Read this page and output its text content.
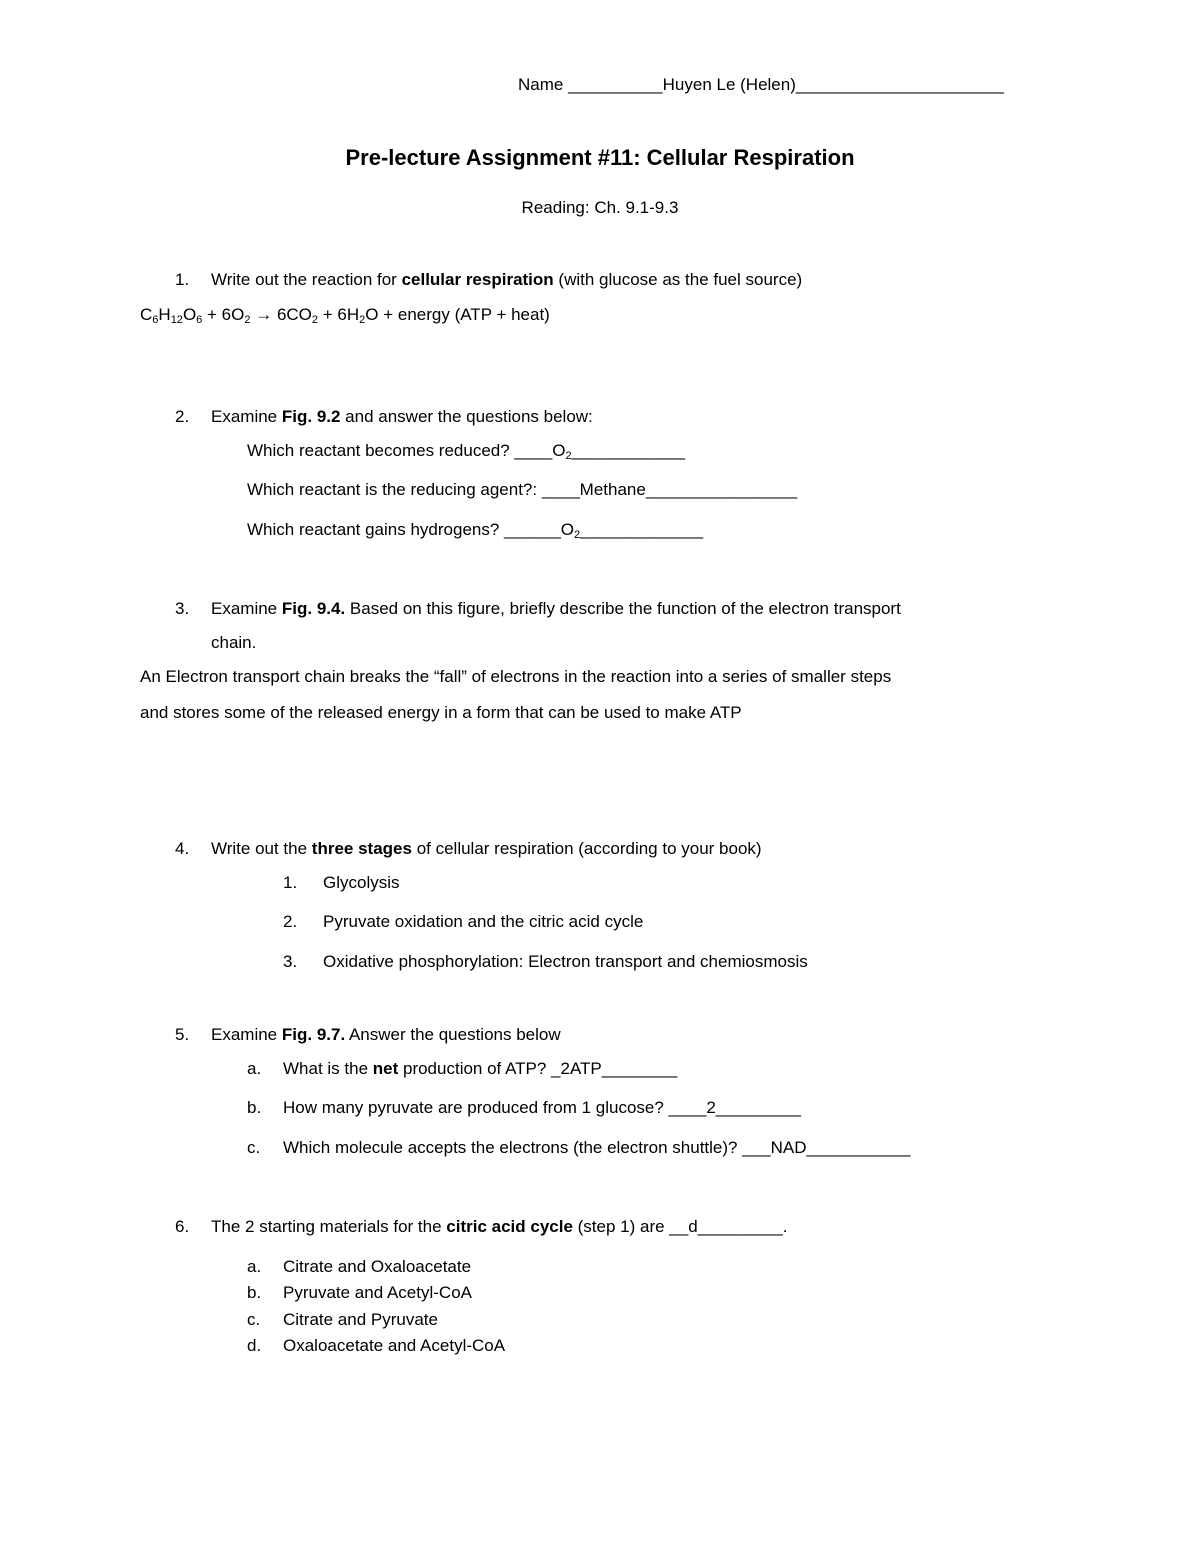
Name __________Huyen Le (Helen)______________________
Pre-lecture Assignment #11: Cellular Respiration
Reading: Ch. 9.1-9.3
1. Write out the reaction for cellular respiration (with glucose as the fuel source)
C6H12O6 + 6O2 → 6CO2 + 6H2O + energy (ATP + heat)
2. Examine Fig. 9.2 and answer the questions below:
Which reactant becomes reduced? ____O2____________
Which reactant is the reducing agent?: ____Methane________________
Which reactant gains hydrogens? ______O2_____________
3. Examine Fig. 9.4. Based on this figure, briefly describe the function of the electron transport
chain.
An Electron transport chain breaks the “fall” of electrons in the reaction into a series of smaller steps
and stores some of the released energy in a form that can be used to make ATP
4. Write out the three stages of cellular respiration (according to your book)
1. Glycolysis
2. Pyruvate oxidation and the citric acid cycle
3. Oxidative phosphorylation: Electron transport and chemiosmosis
5. Examine Fig. 9.7. Answer the questions below
a. What is the net production of ATP? _2ATP________
b. How many pyruvate are produced from 1 glucose? ____2_________
c. Which molecule accepts the electrons (the electron shuttle)? ___NAD___________
6. The 2 starting materials for the citric acid cycle (step 1) are __d_________.
a. Citrate and Oxaloacetate
b. Pyruvate and Acetyl-CoA
c. Citrate and Pyruvate
d. Oxaloacetate and Acetyl-CoA
